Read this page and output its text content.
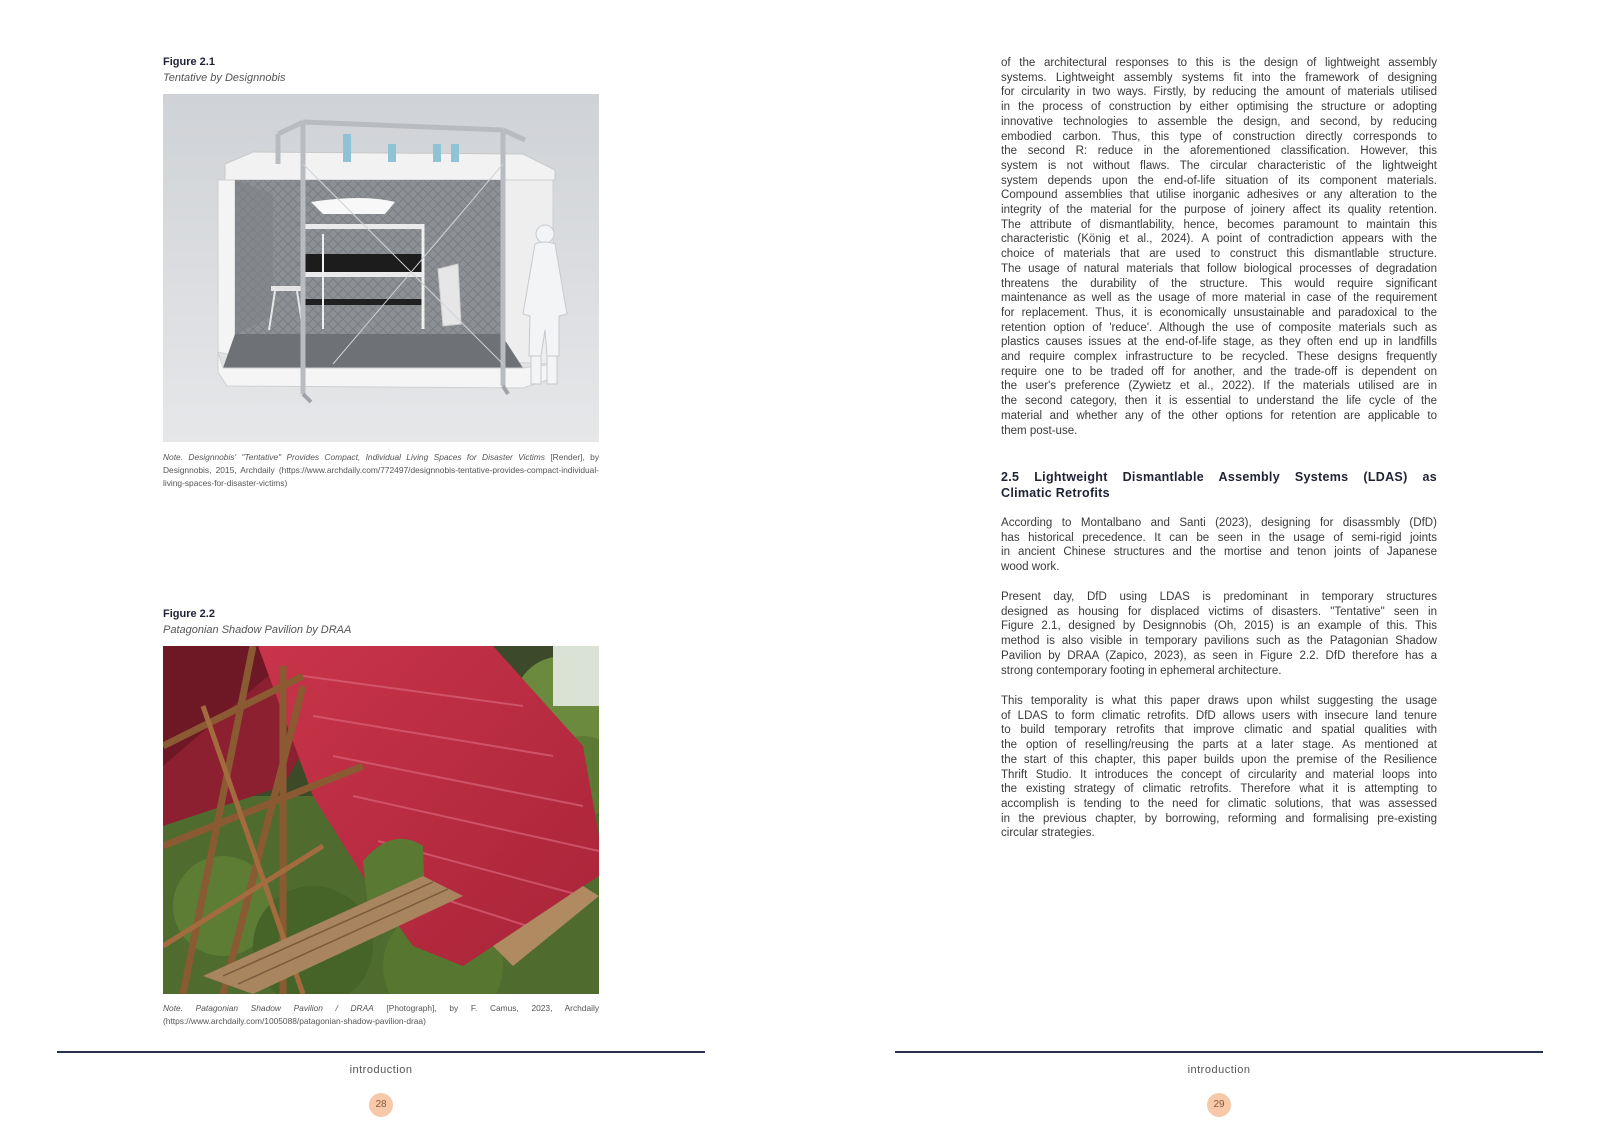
Figure 2.1
Tentative by Designnobis

Note. Designnobis' "Tentative" Provides Compact, Individual Living Spaces for Disaster Victims [Render], by Designnobis, 2015, Archdaily (https://www.archdaily.com/772497/designnobis-tentative-provides-compact-individual-living-spaces-for-disaster-victims)

Figure 2.2
Patagonian Shadow Pavilion by DRAA

Note. Patagonian Shadow Pavilion / DRAA [Photograph], by F. Camus, 2023, Archdaily (https://www.archdaily.com/1005088/patagonian-shadow-pavilion-draa)

introduction
28
of the architectural responses to this is the design of lightweight assembly
systems. Lightweight assembly systems fit into the framework of designing
for circularity in two ways. Firstly, by reducing the amount of materials utilised
in the process of construction by either optimising the structure or adopting
innovative technologies to assemble the design, and second, by reducing
embodied carbon. Thus, this type of construction directly corresponds to
the second R: reduce in the aforementioned classification. However, this
system is not without flaws. The circular characteristic of the lightweight
system depends upon the end-of-life situation of its component materials.
Compound assemblies that utilise inorganic adhesives or any alteration to the
integrity of the material for the purpose of joinery affect its quality retention.
The attribute of dismantlability, hence, becomes paramount to maintain this
characteristic (König et al., 2024). A point of contradiction appears with the
choice of materials that are used to construct this dismantlable structure.
The usage of natural materials that follow biological processes of degradation
threatens the durability of the structure. This would require significant
maintenance as well as the usage of more material in case of the requirement
for replacement. Thus, it is economically unsustainable and paradoxical to the
retention option of 'reduce'. Although the use of composite materials such as
plastics causes issues at the end-of-life stage, as they often end up in landfills
and require complex infrastructure to be recycled. These designs frequently
require one to be traded off for another, and the trade-off is dependent on
the user's preference (Zywietz et al., 2022). If the materials utilised are in
the second category, then it is essential to understand the life cycle of the
material and whether any of the other options for retention are applicable to
them post-use.
2.5 Lightweight Dismantlable Assembly Systems (LDAS) as
Climatic Retrofits
According to Montalbano and Santi (2023), designing for disassmbly (DfD)
has historical precedence. It can be seen in the usage of semi-rigid joints
in ancient Chinese structures and the mortise and tenon joints of Japanese
wood work.
Present day, DfD using LDAS is predominant in temporary structures
designed as housing for displaced victims of disasters. "Tentative" seen in
Figure 2.1, designed by Designnobis (Oh, 2015) is an example of this. This
method is also visible in temporary pavilions such as the Patagonian Shadow
Pavilion by DRAA (Zapico, 2023), as seen in Figure 2.2. DfD therefore has a
strong contemporary footing in ephemeral architecture.
This temporality is what this paper draws upon whilst suggesting the usage
of LDAS to form climatic retrofits. DfD allows users with insecure land tenure
to build temporary retrofits that improve climatic and spatial qualities with
the option of reselling/reusing the parts at a later stage. As mentioned at
the start of this chapter, this paper builds upon the premise of the Resilience
Thrift Studio. It introduces the concept of circularity and material loops into
the existing strategy of climatic retrofits. Therefore what it is attempting to
accomplish is tending to the need for climatic solutions, that was assessed
in the previous chapter, by borrowing, reforming and formalising pre-existing
circular strategies.
introduction
29
